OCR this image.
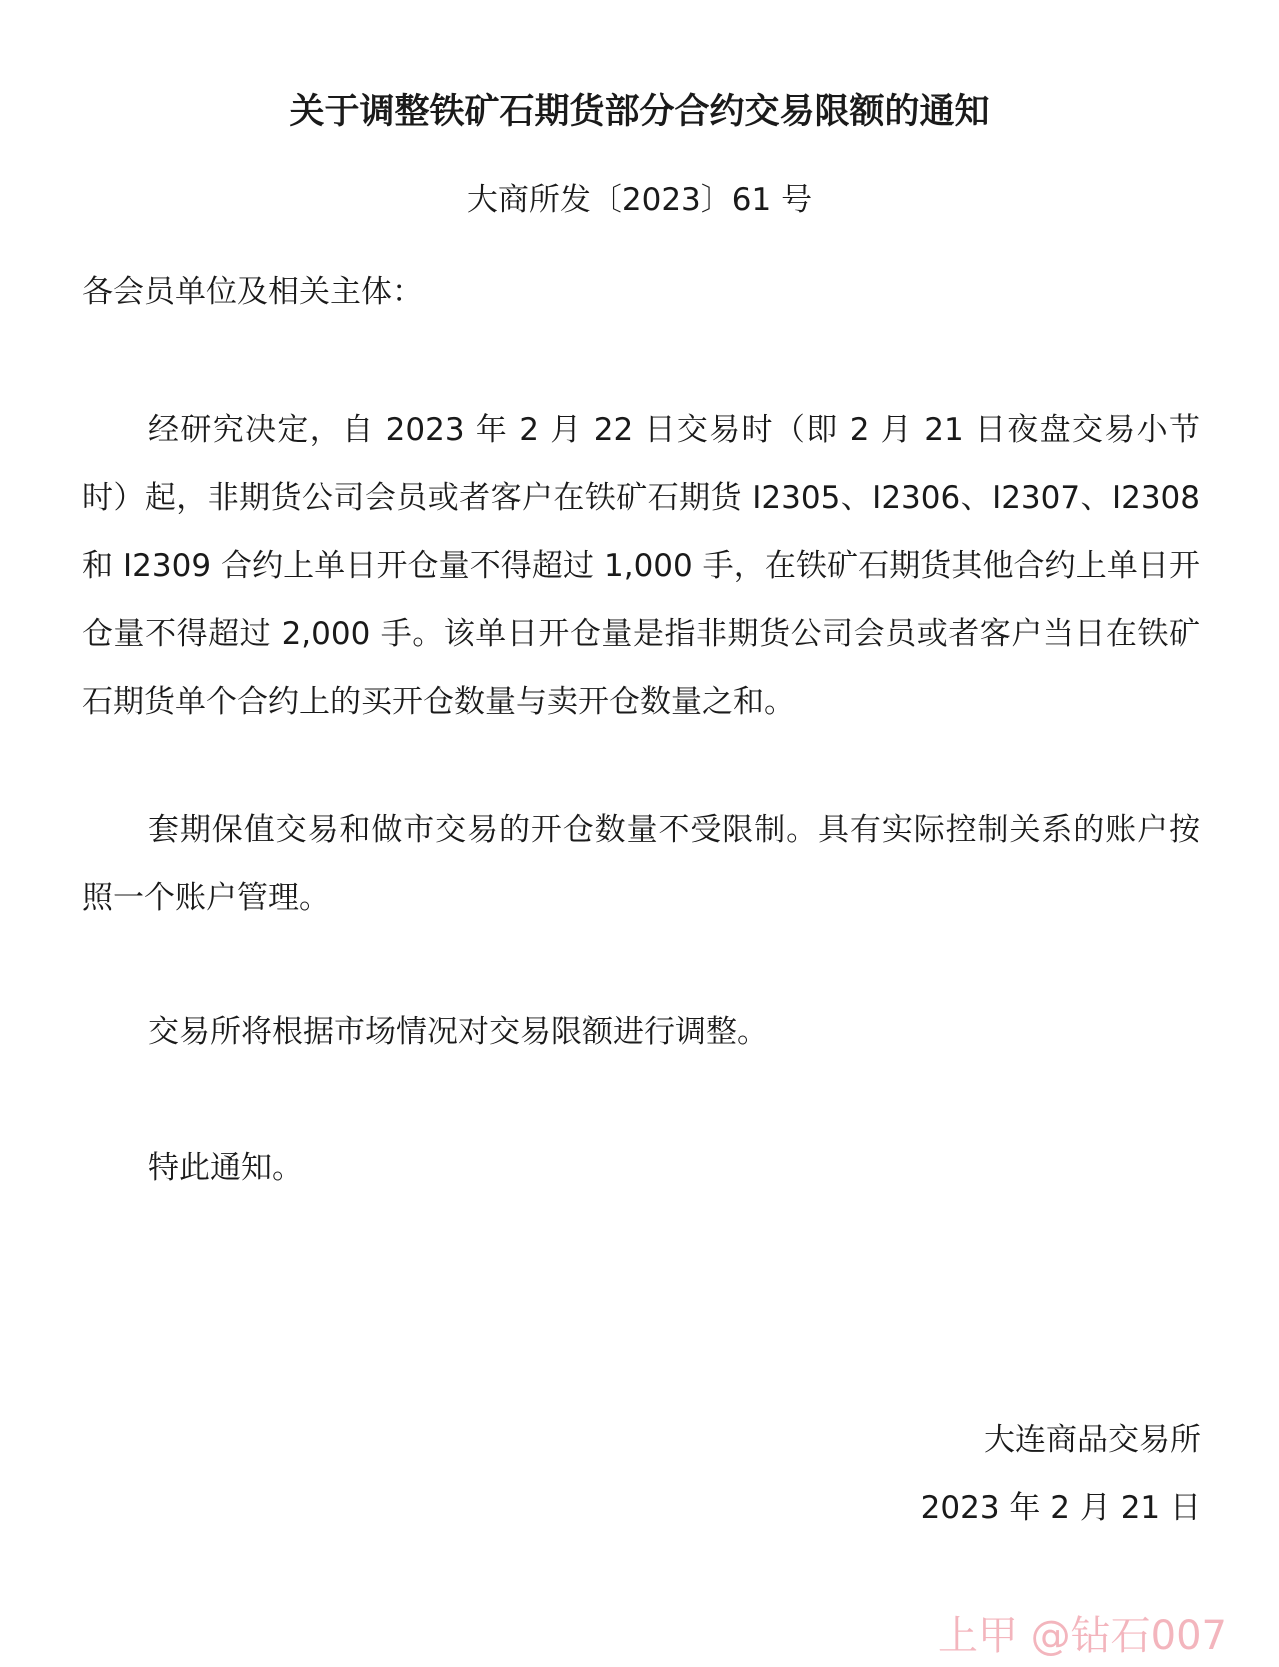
关于调整铁矿石期货部分合约交易限额的通知
大商所发〔2023〕61 号
各会员单位及相关主体：

经研究决定，自 2023 年 2 月 22 日交易时（即 2 月 21 日夜盘交易小节时）起，非期货公司会员或者客户在铁矿石期货 I2305、I2306、I2307、I2308 和 I2309 合约上单日开仓量不得超过 1,000 手，在铁矿石期货其他合约上单日开仓量不得超过 2,000 手。该单日开仓量是指非期货公司会员或者客户当日在铁矿石期货单个合约上的买开仓数量与卖开仓数量之和。

套期保值交易和做市交易的开仓数量不受限制。具有实际控制关系的账户按照一个账户管理。

交易所将根据市场情况对交易限额进行调整。

特此通知。

大连商品交易所
2023 年 2 月 21 日
上甲 @钻石007
